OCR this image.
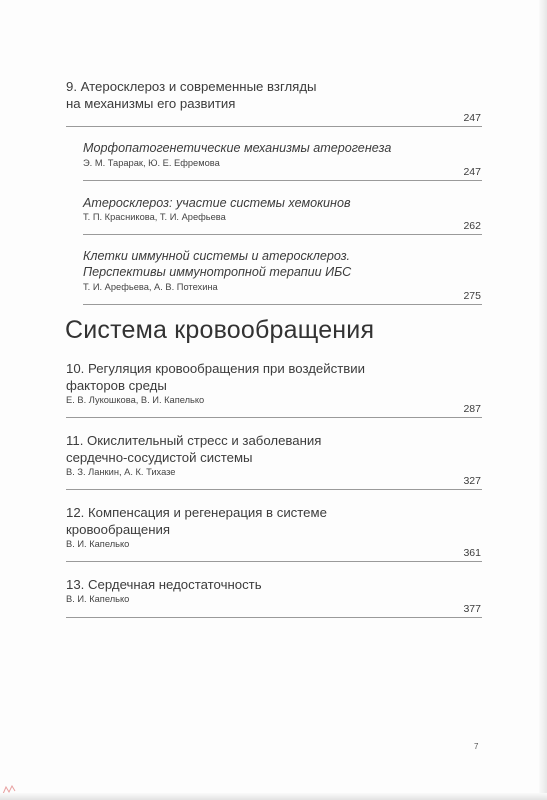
9. Атеросклероз и современные взгляды
на механизмы его развития
247
Морфопатогенетические механизмы атерогенеза
Э. М. Тарарак, Ю. Е. Ефремова
247
Атеросклероз: участие системы хемокинов
Т. П. Красникова, Т. И. Арефьева
262
Клетки иммунной системы и атеросклероз.
Перспективы иммунотропной терапии ИБС
Т. И. Арефьева, А. В. Потехина
275
Система кровообращения
10. Регуляция кровообращения при воздействии
факторов среды
Е. В. Лукошкова, В. И. Капелько
287
11. Окислительный стресс и заболевания
сердечно-сосудистой системы
В. З. Ланкин, А. К. Тихазе
327
12. Компенсация и регенерация в системе
кровообращения
В. И. Капелько
361
13. Сердечная недостаточность
В. И. Капелько
377
7
